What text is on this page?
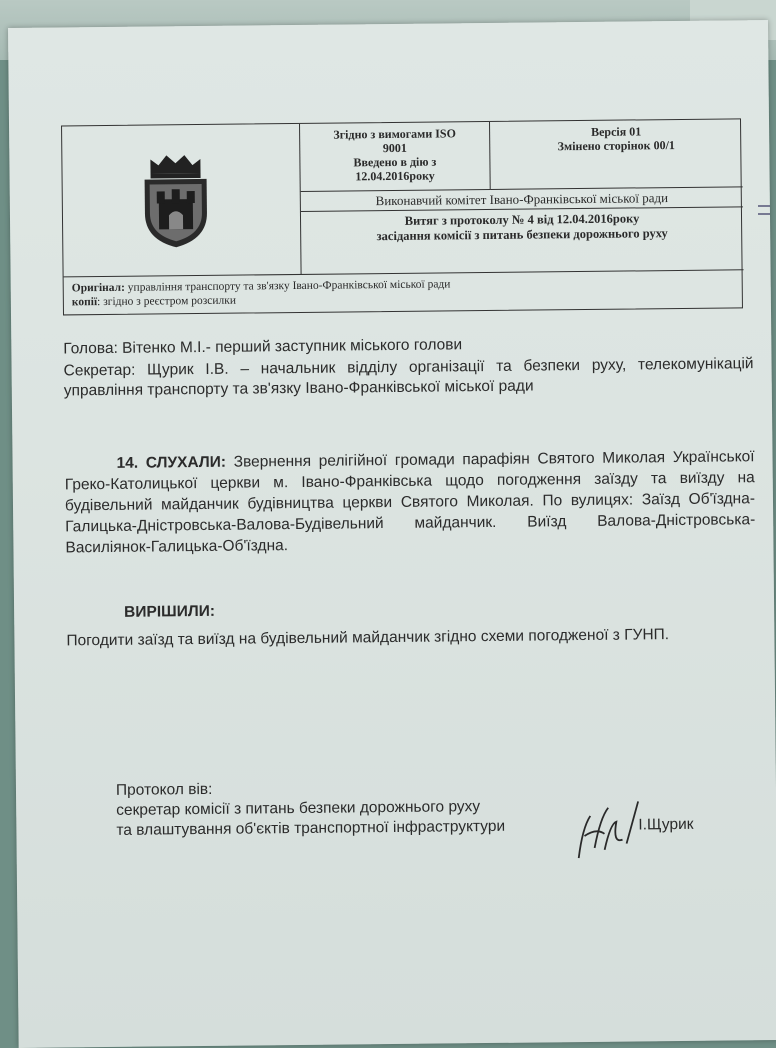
Згідно з вимогами ISO
9001
Введено в дію з
12.04.2016року
Версія 01
Змінено сторінок 00/1
Виконавчий комітет Івано-Франківської міської ради
Витяг з протоколу № 4 від 12.04.2016року
засідання комісії з питань безпеки дорожнього руху
Оригінал: управління транспорту та зв'язку Івано-Франківської міської ради
копії: згідно з реєстром розсилки
Голова: Вітенко М.І.- перший заступник міського голови
Секретар: Щурик І.В. – начальник відділу організації та безпеки руху, телекомунікацій управління транспорту та зв'язку Івано-Франківської міської ради
14. СЛУХАЛИ: Звернення релігійної громади парафіян Святого Миколая Української Греко-Католицької церкви м. Івано-Франківська щодо погодження заїзду та виїзду на будівельний майданчик будівництва церкви Святого Миколая. По вулицях: Заїзд Об'їздна-Галицька-Дністровська-Валова-Будівельний майданчик. Виїзд Валова-Дністровська-Василіянок-Галицька-Об'їздна.
ВИРІШИЛИ:
Погодити заїзд та виїзд на будівельний майданчик згідно схеми погодженої з ГУНП.
Протокол вів:
секретар комісії з питань безпеки дорожнього руху
та влаштування об'єктів транспортної інфраструктури	І.Щурик
